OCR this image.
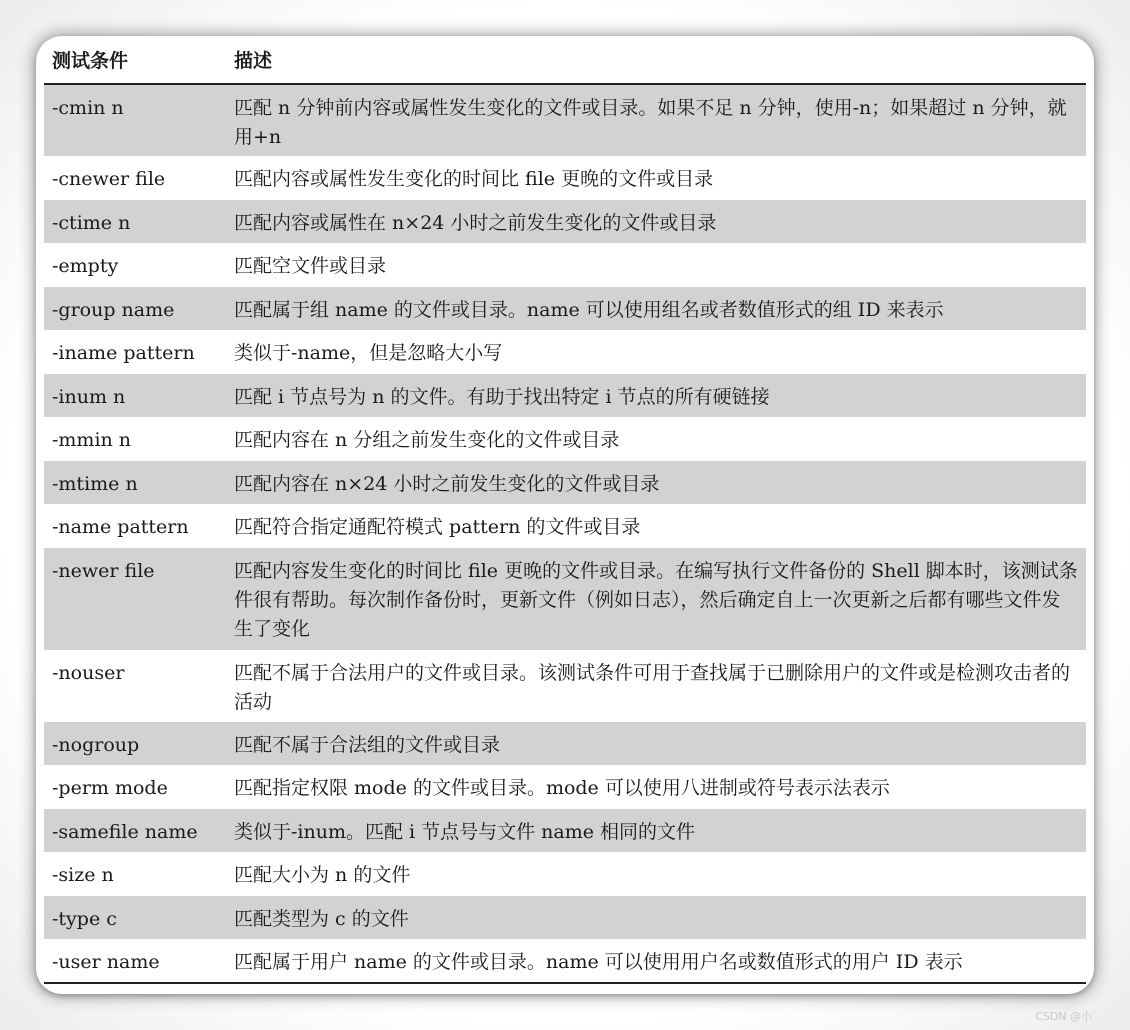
测试条件	描述
-cmin n	匹配 n 分钟前内容或属性发生变化的文件或目录。如果不足 n 分钟，使用-n；如果超过 n 分钟，就用+n
-cnewer file	匹配内容或属性发生变化的时间比 file 更晚的文件或目录
-ctime n	匹配内容或属性在 n×24 小时之前发生变化的文件或目录
-empty	匹配空文件或目录
-group name	匹配属于组 name 的文件或目录。name 可以使用组名或者数值形式的组 ID 来表示
-iname pattern	类似于-name，但是忽略大小写
-inum n	匹配 i 节点号为 n 的文件。有助于找出特定 i 节点的所有硬链接
-mmin n	匹配内容在 n 分组之前发生变化的文件或目录
-mtime n	匹配内容在 n×24 小时之前发生变化的文件或目录
-name pattern	匹配符合指定通配符模式 pattern 的文件或目录
-newer file	匹配内容发生变化的时间比 file 更晚的文件或目录。在编写执行文件备份的 Shell 脚本时，该测试条件很有帮助。每次制作备份时，更新文件（例如日志），然后确定自上一次更新之后都有哪些文件发生了变化
-nouser	匹配不属于合法用户的文件或目录。该测试条件可用于查找属于已删除用户的文件或是检测攻击者的活动
-nogroup	匹配不属于合法组的文件或目录
-perm mode	匹配指定权限 mode 的文件或目录。mode 可以使用八进制或符号表示法表示
-samefile name	类似于-inum。匹配 i 节点号与文件 name 相同的文件
-size n	匹配大小为 n 的文件
-type c	匹配类型为 c 的文件
-user name	匹配属于用户 name 的文件或目录。name 可以使用用户名或数值形式的用户 ID 表示
CSDN @小
